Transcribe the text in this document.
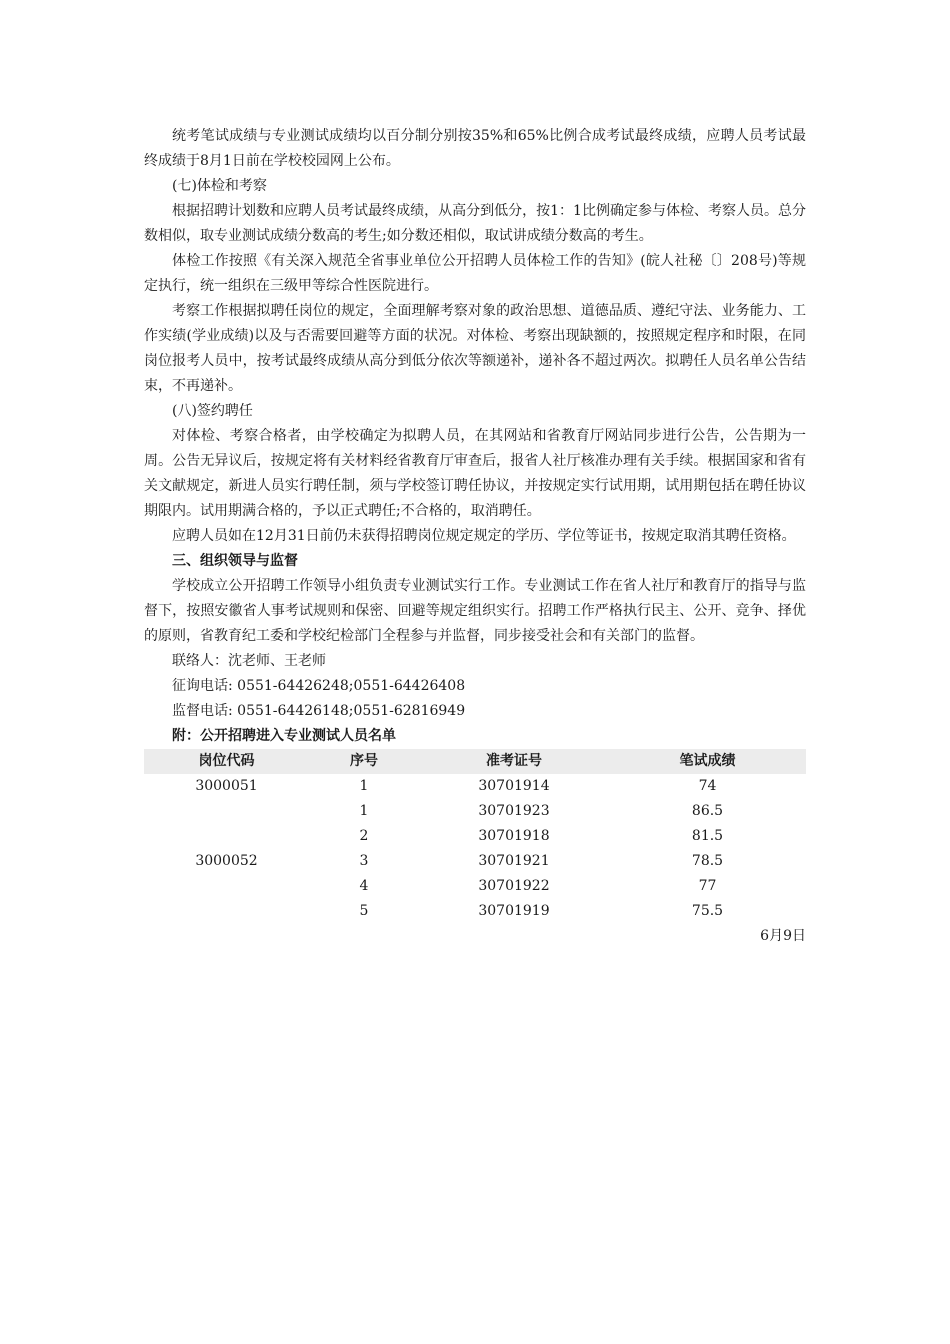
统考笔试成绩与专业测试成绩均以百分制分别按35%和65%比例合成考试最终成绩，应聘人员考试最终成绩于8月1日前在学校校园网上公布。

(七)体检和考察

根据招聘计划数和应聘人员考试最终成绩，从高分到低分，按1：1比例确定参与体检、考察人员。总分数相似，取专业测试成绩分数高的考生;如分数还相似，取试讲成绩分数高的考生。

体检工作按照《有关深入规范全省事业单位公开招聘人员体检工作的告知》(皖人社秘〔〕208号)等规定执行，统一组织在三级甲等综合性医院进行。

考察工作根据拟聘任岗位的规定，全面理解考察对象的政治思想、道德品质、遵纪守法、业务能力、工作实绩(学业成绩)以及与否需要回避等方面的状况。对体检、考察出现缺额的，按照规定程序和时限，在同岗位报考人员中，按考试最终成绩从高分到低分依次等额递补，递补各不超过两次。拟聘任人员名单公告结束，不再递补。

(八)签约聘任

对体检、考察合格者，由学校确定为拟聘人员，在其网站和省教育厅网站同步进行公告，公告期为一周。公告无异议后，按规定将有关材料经省教育厅审查后，报省人社厅核准办理有关手续。根据国家和省有关文献规定，新进人员实行聘任制，须与学校签订聘任协议，并按规定实行试用期，试用期包括在聘任协议期限内。试用期满合格的，予以正式聘任;不合格的，取消聘任。

应聘人员如在12月31日前仍未获得招聘岗位规定规定的学历、学位等证书，按规定取消其聘任资格。

三、组织领导与监督

学校成立公开招聘工作领导小组负责专业测试实行工作。专业测试工作在省人社厅和教育厅的指导与监督下，按照安徽省人事考试规则和保密、回避等规定组织实行。招聘工作严格执行民主、公开、竞争、择优的原则，省教育纪工委和学校纪检部门全程参与并监督，同步接受社会和有关部门的监督。

联络人：沈老师、王老师

征询电话: 0551-64426248;0551-64426408

监督电话: 0551-64426148;0551-62816949

附：公开招聘进入专业测试人员名单

岗位代码	序号	准考证号	笔试成绩
3000051	1	30701914	74
	1	30701923	86.5
	2	30701918	81.5
3000052	3	30701921	78.5
	4	30701922	77
	5	30701919	75.5

6月9日
